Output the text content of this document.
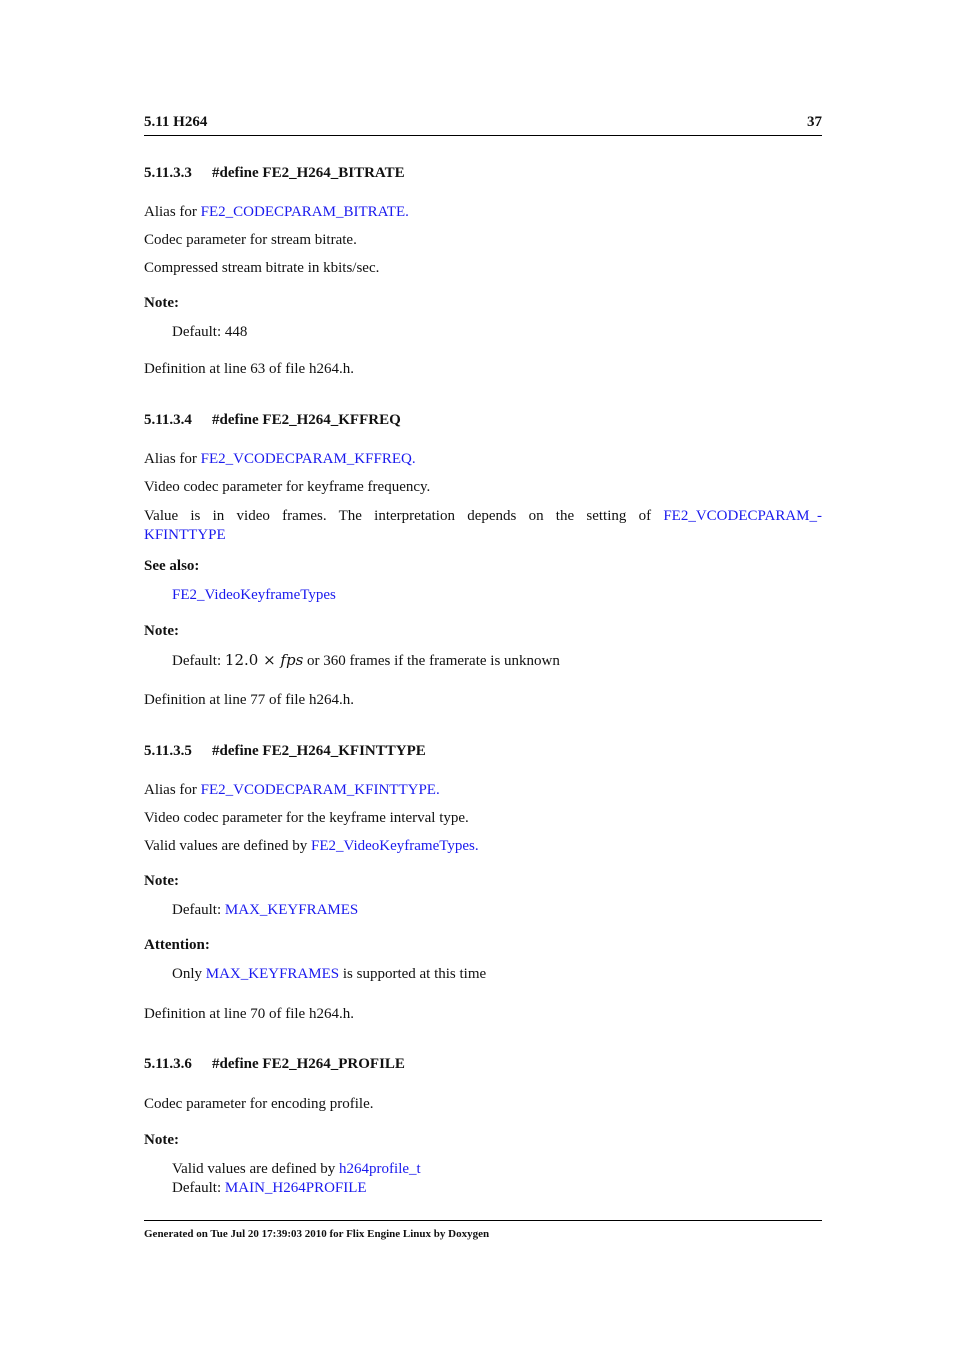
5.11 H264	37
5.11.3.3 #define FE2_H264_BITRATE
Alias for FE2_CODECPARAM_BITRATE.
Codec parameter for stream bitrate.
Compressed stream bitrate in kbits/sec.
Note:
Default: 448
Definition at line 63 of file h264.h.
5.11.3.4 #define FE2_H264_KFFREQ
Alias for FE2_VCODECPARAM_KFFREQ.
Video codec parameter for keyframe frequency.
Value is in video frames. The interpretation depends on the setting of FE2_VCODECPARAM_-
KFINTTYPE
See also:
FE2_VideoKeyframeTypes
Note:
Default: 12.0 × fps or 360 frames if the framerate is unknown
Definition at line 77 of file h264.h.
5.11.3.5 #define FE2_H264_KFINTTYPE
Alias for FE2_VCODECPARAM_KFINTTYPE.
Video codec parameter for the keyframe interval type.
Valid values are defined by FE2_VideoKeyframeTypes.
Note:
Default: MAX_KEYFRAMES
Attention:
Only MAX_KEYFRAMES is supported at this time
Definition at line 70 of file h264.h.
5.11.3.6 #define FE2_H264_PROFILE
Codec parameter for encoding profile.
Note:
Valid values are defined by h264profile_t
Default: MAIN_H264PROFILE
Generated on Tue Jul 20 17:39:03 2010 for Flix Engine Linux by Doxygen
